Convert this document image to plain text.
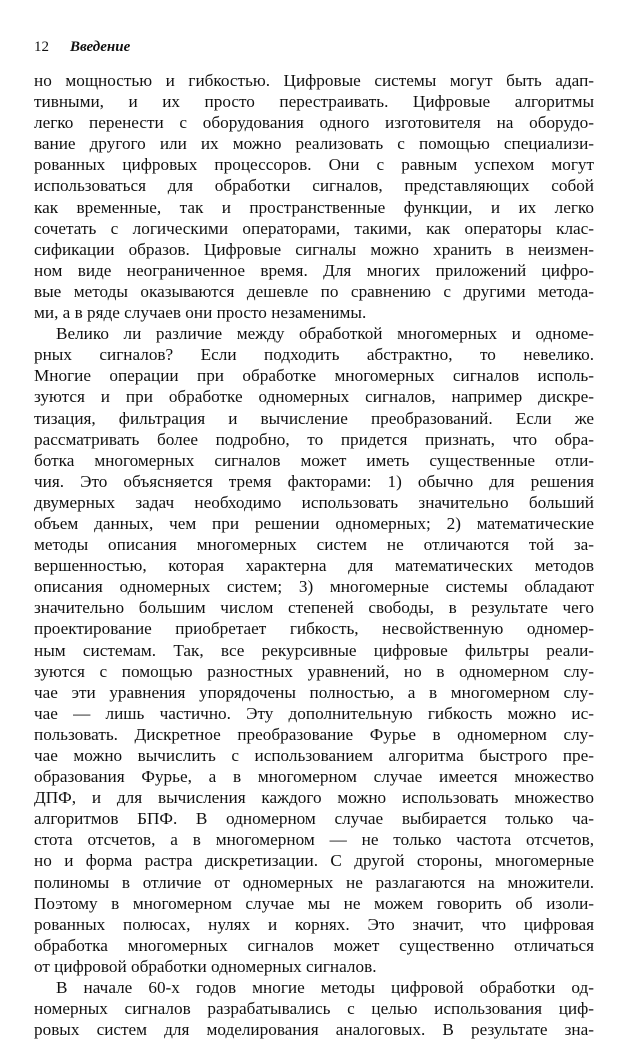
12 Введение
но мощностью и гибкостью. Цифровые системы могут быть адап-
тивными, и их просто перестраивать. Цифровые алгоритмы
легко перенести с оборудования одного изготовителя на оборудо-
вание другого или их можно реализовать с помощью специализи-
рованных цифровых процессоров. Они с равным успехом могут
использоваться для обработки сигналов, представляющих собой
как временные, так и пространственные функции, и их легко
сочетать с логическими операторами, такими, как операторы клас-
сификации образов. Цифровые сигналы можно хранить в неизмен-
ном виде неограниченное время. Для многих приложений цифро-
вые методы оказываются дешевле по сравнению с другими метода-
ми, а в ряде случаев они просто незаменимы.
Велико ли различие между обработкой многомерных и одноме-
рных сигналов? Если подходить абстрактно, то невелико.
Многие операции при обработке многомерных сигналов исполь-
зуются и при обработке одномерных сигналов, например дискре-
тизация, фильтрация и вычисление преобразований. Если же
рассматривать более подробно, то придется признать, что обра-
ботка многомерных сигналов может иметь существенные отли-
чия. Это объясняется тремя факторами: 1) обычно для решения
двумерных задач необходимо использовать значительно больший
объем данных, чем при решении одномерных; 2) математические
методы описания многомерных систем не отличаются той за-
вершенностью, которая характерна для математических методов
описания одномерных систем; 3) многомерные системы обладают
значительно большим числом степеней свободы, в результате чего
проектирование приобретает гибкость, несвойственную одномер-
ным системам. Так, все рекурсивные цифровые фильтры реали-
зуются с помощью разностных уравнений, но в одномерном слу-
чае эти уравнения упорядочены полностью, а в многомерном слу-
чае — лишь частично. Эту дополнительную гибкость можно ис-
пользовать. Дискретное преобразование Фурье в одномерном слу-
чае можно вычислить с использованием алгоритма быстрого пре-
образования Фурье, а в многомерном случае имеется множество
ДПФ, и для вычисления каждого можно использовать множество
алгоритмов БПФ. В одномерном случае выбирается только ча-
стота отсчетов, а в многомерном — не только частота отсчетов,
но и форма растра дискретизации. С другой стороны, многомерные
полиномы в отличие от одномерных не разлагаются на множители.
Поэтому в многомерном случае мы не можем говорить об изоли-
рованных полюсах, нулях и корнях. Это значит, что цифровая
обработка многомерных сигналов может существенно отличаться
от цифровой обработки одномерных сигналов.
В начале 60-х годов многие методы цифровой обработки од-
номерных сигналов разрабатывались с целью использования циф-
ровых систем для моделирования аналоговых. В результате зна-
